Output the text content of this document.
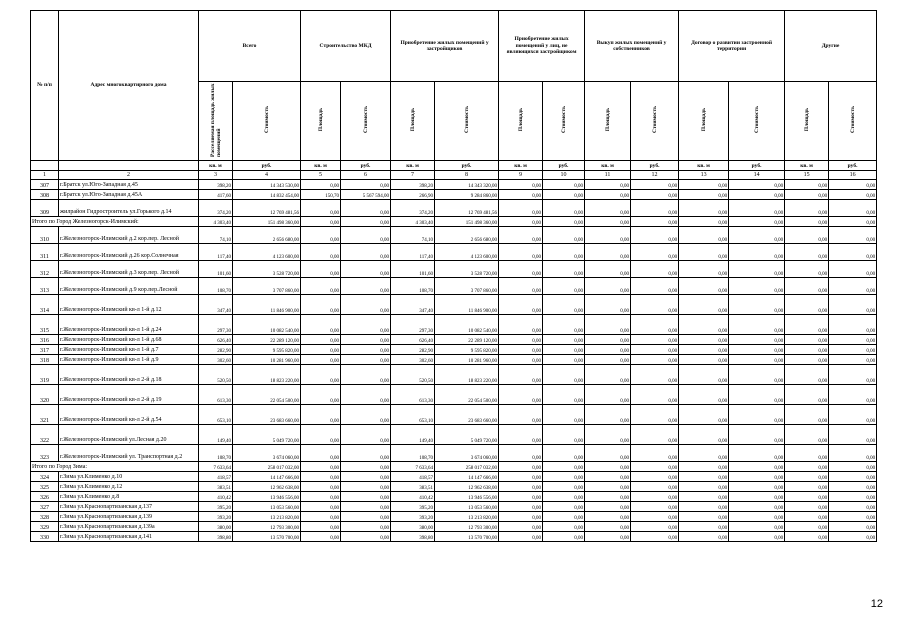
№ п/п	Адрес многоквартирного дома	Всего		Строительство МКД		Приобретение жилых помещений у застройщиков		Приобретение жилых помещений у лиц, не являющихся застройщиком		Выкуп жилых помещений у собственников		Договор о развитии застроенной территории		Другие	
		Расселяемая площадь жилых помещений	Стоимость	Площадь	Стоимость	Площадь	Стоимость	Площадь	Стоимость	Площадь	Стоимость	Площадь	Стоимость	Площадь	Стоимость
		кв. м	руб.	кв. м	руб.	кв. м	руб.	кв. м	руб.	кв. м	руб.	кв. м	руб.	кв. м	руб.
1	2	3	4	5	6	7	8	9	10	11	12	13	14	15	16
307	г.Братск ул.Юго-Западная д.45	398,20	14 343 530,00	0,00	0,00	398,20	14 343 320,00	0,00	0,00	0,00	0,00	0,00	0,00	0,00	0,00
308	г.Братск ул.Юго-Западная д.45А	417,60	14 832 454,00	150,70	5 567 594,00	266,90	9 284 860,00	0,00	0,00	0,00	0,00	0,00	0,00	0,00	0,00
309	жилрайон Гидростроитель ул.Горького д.14	374,20	12 769 481,56	0,00	0,00	374,20	12 769 481,56	0,00	0,00	0,00	0,00	0,00	0,00	0,00	0,00
Итого по Город Железногорск-Илимский:		4 303,40	151 498 360,00	0,00	0,00	4 303,40	151 498 360,00	0,00	0,00	0,00	0,00	0,00	0,00	0,00	0,00
310	г.Железногорск-Илимский д.2 кор.пер. Лесной	74,10	2 656 680,00	0,00	0,00	74,10	2 656 680,00	0,00	0,00	0,00	0,00	0,00	0,00	0,00	0,00
311	г.Железногорск-Илимский д.26 кор.Солнечная	117,40	4 123 600,00	0,00	0,00	117,40	4 123 600,00	0,00	0,00	0,00	0,00	0,00	0,00	0,00	0,00
312	г.Железногорск-Илимский д.3 кор.пер. Лесной	101,60	3 528 720,00	0,00	0,00	101,60	3 528 720,00	0,00	0,00	0,00	0,00	0,00	0,00	0,00	0,00
313	г.Железногорск-Илимский д.9 кор.пер.Лесной	108,70	3 707 860,00	0,00	0,00	108,70	3 707 860,00	0,00	0,00	0,00	0,00	0,00	0,00	0,00	0,00
314	г.Железногорск-Илимский кв-л 1-й д.12	347,40	11 846 900,00	0,00	0,00	347,40	11 846 900,00	0,00	0,00	0,00	0,00	0,00	0,00	0,00	0,00
315	г.Железногорск-Илимский кв-л 1-й д.24	297,30	10 082 540,00	0,00	0,00	297,30	10 082 540,00	0,00	0,00	0,00	0,00	0,00	0,00	0,00	0,00
316	г.Железногорск-Илимский кв-л 1-й д.68	626,40	22 289 120,00	0,00	0,00	626,40	22 289 120,00	0,00	0,00	0,00	0,00	0,00	0,00	0,00	0,00
317	г.Железногорск-Илимский кв-л 1-й д.7	282,90	9 595 820,00	0,00	0,00	282,90	9 595 820,00	0,00	0,00	0,00	0,00	0,00	0,00	0,00	0,00
318	г.Железногорск-Илимский кв-л 1-й д.9	302,60	10 281 960,00	0,00	0,00	302,60	10 281 960,00	0,00	0,00	0,00	0,00	0,00	0,00	0,00	0,00
319	г.Железногорск-Илимский кв-л 2-й д.18	520,50	18 823 220,00	0,00	0,00	520,50	18 823 220,00	0,00	0,00	0,00	0,00	0,00	0,00	0,00	0,00
320	г.Железногорск-Илимский кв-л 2-й д.19	613,30	22 054 500,00	0,00	0,00	613,30	22 054 500,00	0,00	0,00	0,00	0,00	0,00	0,00	0,00	0,00
321	г.Железногорск-Илимский кв-л 2-й д.54	653,10	23 683 660,00	0,00	0,00	653,10	23 683 660,00	0,00	0,00	0,00	0,00	0,00	0,00	0,00	0,00
322	г.Железногорск-Илимский ул.Лесная д.20	149,40	5 049 720,00	0,00	0,00	149,40	5 049 720,00	0,00	0,00	0,00	0,00	0,00	0,00	0,00	0,00
323	г.Железногорск-Илимский ул. Транспортная д.2	108,70	3 674 060,00	0,00	0,00	108,70	3 674 060,00	0,00	0,00	0,00	0,00	0,00	0,00	0,00	0,00
Итого по Город Зима:		7 633,64	258 017 032,00	0,00	0,00	7 633,64	258 017 032,00	0,00	0,00	0,00	0,00	0,00	0,00	0,00	0,00
324	г.Зима ул.Клименко д.10	418,57	14 147 666,00	0,00	0,00	418,57	14 147 666,00	0,00	0,00	0,00	0,00	0,00	0,00	0,00	0,00
325	г.Зима ул.Клименко д.12	383,51	12 962 638,00	0,00	0,00	383,51	12 962 638,00	0,00	0,00	0,00	0,00	0,00	0,00	0,00	0,00
326	г.Зима ул.Клименко д.8	410,42	13 946 556,00	0,00	0,00	410,42	13 946 556,00	0,00	0,00	0,00	0,00	0,00	0,00	0,00	0,00
327	г.Зима ул.Краснопартизанская д.137	395,20	13 053 560,00	0,00	0,00	395,20	13 053 560,00	0,00	0,00	0,00	0,00	0,00	0,00	0,00	0,00
328	г.Зима ул.Краснопартизанская д.139	393,20	13 213 820,00	0,00	0,00	393,20	13 213 820,00	0,00	0,00	0,00	0,00	0,00	0,00	0,00	0,00
329	г.Зима ул.Краснопартизанская д.139а	380,00	12 793 300,00	0,00	0,00	380,00	12 793 300,00	0,00	0,00	0,00	0,00	0,00	0,00	0,00	0,00
330	г.Зима ул.Краснопартизанская д.141	398,80	13 570 700,00	0,00	0,00	398,80	13 570 700,00	0,00	0,00	0,00	0,00	0,00	0,00	0,00	0,00
12
